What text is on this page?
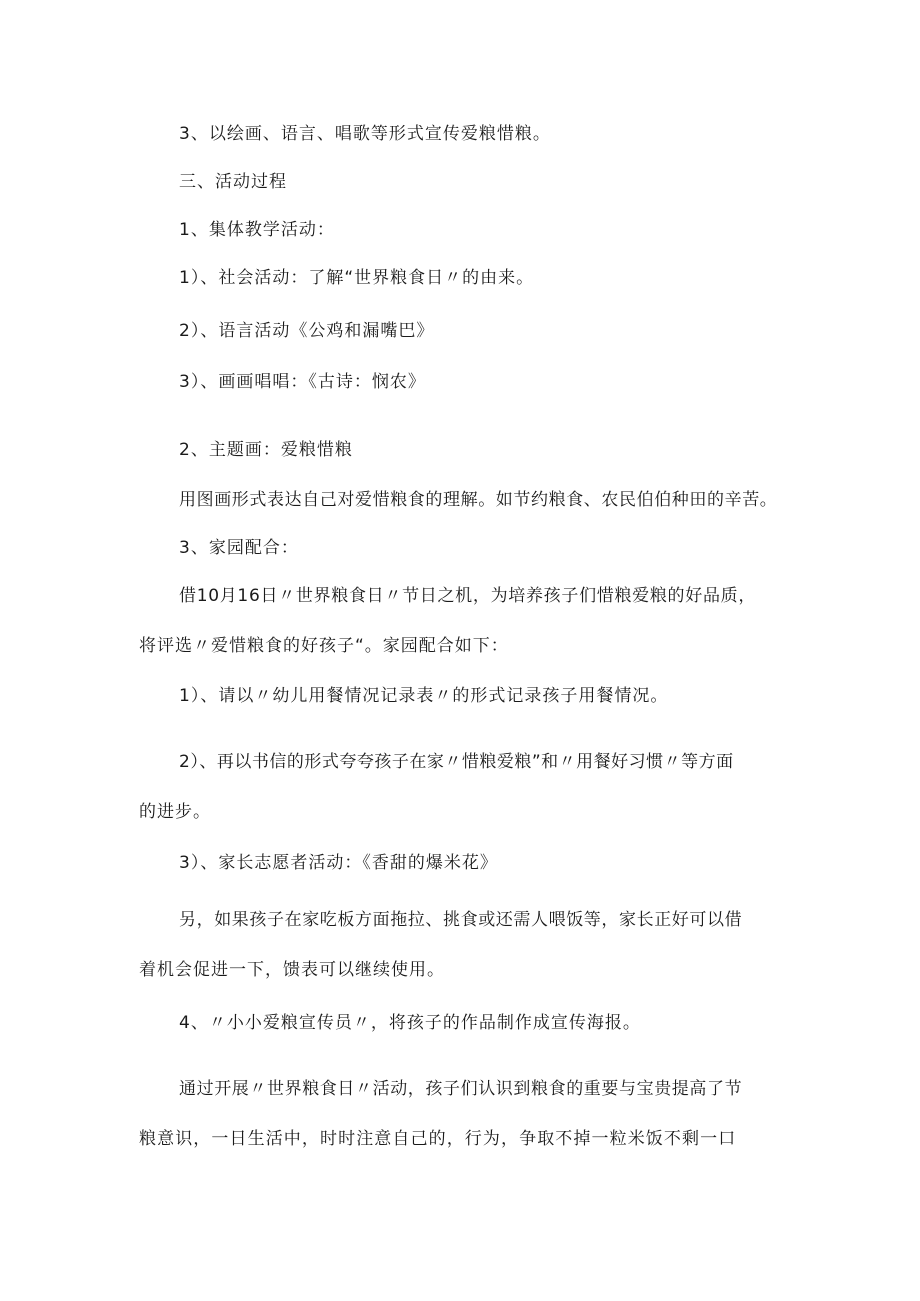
3、以绘画、语言、唱歌等形式宣传爱粮惜粮。
三、活动过程
1、集体教学活动：
1）、社会活动：了解“世界粮食日〃的由来。
2）、语言活动《公鸡和漏嘴巴》
3）、画画唱唱：《古诗：悯农》
2、主题画：爱粮惜粮
用图画形式表达自己对爱惜粮食的理解。如节约粮食、农民伯伯种田的辛苦。
3、家园配合：
借10月16日〃世界粮食日〃节日之机，为培养孩子们惜粮爱粮的好品质，
将评选〃爱惜粮食的好孩子“。家园配合如下：
1）、请以〃幼儿用餐情况记录表〃的形式记录孩子用餐情况。
2）、再以书信的形式夸夸孩子在家〃惜粮爱粮”和〃用餐好习惯〃等方面
的进步。
3）、家长志愿者活动：《香甜的爆米花》
另，如果孩子在家吃板方面拖拉、挑食或还需人喂饭等，家长正好可以借
着机会促进一下，馈表可以继续使用。
4、〃小小爱粮宣传员〃，将孩子的作品制作成宣传海报。
通过开展〃世界粮食日〃活动，孩子们认识到粮食的重要与宝贵提高了节
粮意识，一日生活中，时时注意自己的，行为，争取不掉一粒米饭不剩一口
